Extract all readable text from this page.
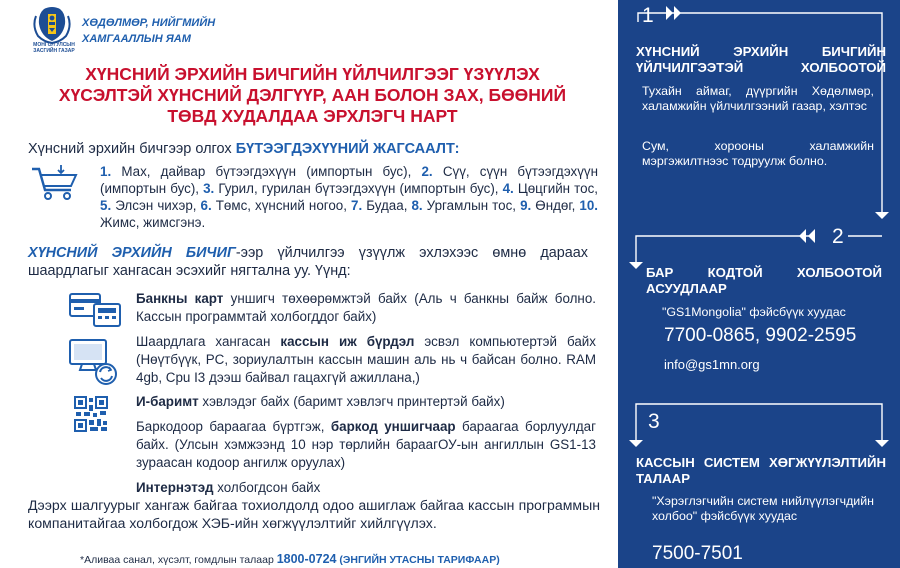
МОНГОЛ УЛСЫН ЗАСГИЙН ГАЗАР
ХӨДӨЛМӨР, НИЙГМИЙН
ХАМГААЛЛЫН ЯАМ
ХҮНСНИЙ ЭРХИЙН БИЧГИЙН ҮЙЛЧИЛГЭЭГ ҮЗҮҮЛЭХ
ХҮСЭЛТЭЙ ХҮНСНИЙ ДЭЛГҮҮР, ААН БОЛОН ЗАХ, БӨӨНИЙ
ТӨВД ХУДАЛДАА ЭРХЛЭГЧ НАРТ
Хүнсний эрхийн бичгээр олгох БҮТЭЭГДЭХҮҮНИЙ ЖАГСААЛТ:
1. Мах, дайвар бүтээгдэхүүн (импортын бус), 2. Сүү, сүүн бүтээгдэхүүн (импортын бус), 3. Гурил, гурилан бүтээгдэхүүн (импортын бус), 4. Цөцгийн тос, 5. Элсэн чихэр, 6. Төмс, хүнсний ногоо, 7. Будаа, 8. Ургамлын тос, 9. Өндөг, 10. Жимс, жимсгэнэ.
ХҮНСНИЙ ЭРХИЙН БИЧИГ-ээр үйлчилгээ үзүүлж эхлэхээс өмнө дараах шаардлагыг хангасан эсэхийг нягтална уу. Үүнд:
Банкны карт уншигч төхөөрөмжтэй байх (Аль ч банкны байж болно. Кассын программтай холбогддог байх)
Шаардлага хангасан кассын иж бүрдэл эсвэл компьютертэй байх (Нөүтбүүк, PC, зориулалтын кассын машин аль нь ч байсан болно. RAM 4gb, Cpu I3 дээш байвал гацахгүй ажиллана,)
И-баримт хэвлэдэг байх (баримт хэвлэгч принтертэй байх)
Баркодоор бараагаа бүртгэж, баркод уншигчаар бараагаа борлуулдаг байх. (Улсын хэмжээнд 10 нэр төрлийн бараагОУ-ын ангиллын GS1-13 зураасан кодоор ангилж оруулах)
Интернэтэд холбогдсон байх
Дээрх шалгуурыг хангаж байгаа тохиолдолд одоо ашиглаж байгаа кассын программын компанитайгаа холбогдож ХЭБ-ийн хөгжүүлэлтийг хийлгүүлэх.
*Аливаа санал, хүсэлт, гомдлын талаар 1800-0724 (ЭНГИЙН УТАСНЫ ТАРИФААР)
1
ХҮНСНИЙ ЭРХИЙН БИЧГИЙН ҮЙЛЧИЛГЭЭТЭЙ ХОЛБООТОЙ
Тухайн аймаг, дүүргийн Хөдөлмөр, халамжийн үйлчилгээний газар, хэлтэс
Сум, хорооны халамжийн мэргэжилтнээс тодруулж болно.
2
БАР КОДТОЙ ХОЛБООТОЙ АСУУДЛААР
"GS1Mongolia" фэйсбүүк хуудас
7700-0865, 9902-2595
info@gs1mn.org
3
КАССЫН СИСТЕМ ХӨГЖҮҮЛЭЛТИЙН ТАЛААР
"Хэрэглэгчийн систем нийлүүлэгчдийн холбоо" фэйсбүүк хуудас
7500-7501
